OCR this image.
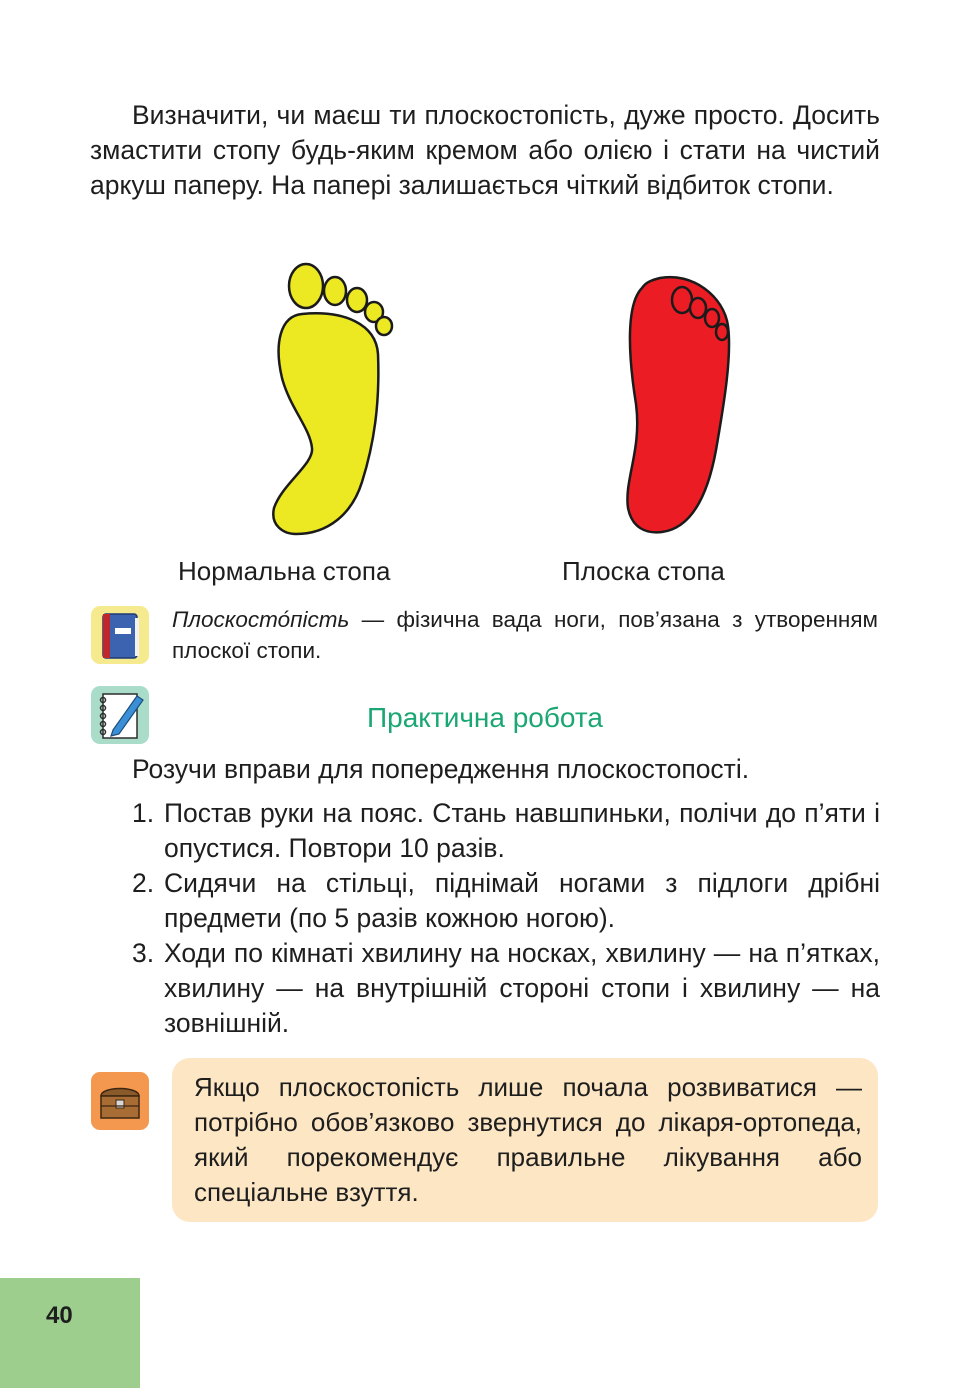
Визначити, чи маєш ти плоскостопість, дуже просто. Досить змастити стопу будь-яким кремом або олією і стати на чистий аркуш паперу. На папері залишається чіткий відбиток стопи.

Нормальна стопа	Плоска стопа

Плоскосто́пість — фізична вада ноги, пов’язана з утворенням плоскої стопи.

Практична робота
Розучи вправи для попередження плоскостопості.
1. Постав руки на пояс. Стань навшпиньки, полічи до п’яти і опустися. Повтори 10 разів.
2. Сидячи на стільці, піднімай ногами з підлоги дрібні предмети (по 5 разів кожною ногою).
3. Ходи по кімнаті хвилину на носках, хвилину — на п’ятках, хвилину — на внутрішній стороні стопи і хвилину — на зовнішній.

Якщо плоскостопість лише почала розвиватися — потрібно обов’язково звернутися до лікаря-ортопеда, який порекомендує правильне лікування або спеціальне взуття.

40
